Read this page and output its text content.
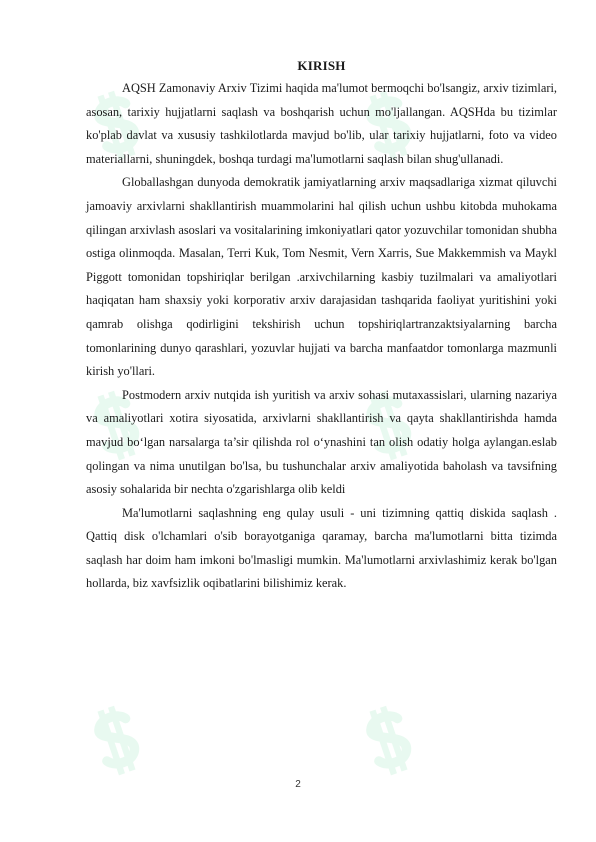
KIRISH

AQSH Zamonaviy Arxiv Tizimi haqida ma'lumot bermoqchi bo'lsangiz, arxiv tizimlari, asosan, tarixiy hujjatlarni saqlash va boshqarish uchun mo'ljallangan. AQSHda bu tizimlar ko'plab davlat va xususiy tashkilotlarda mavjud bo'lib, ular tarixiy hujjatlarni, foto va video materiallarni, shuningdek, boshqa turdagi ma'lumotlarni saqlash bilan shug'ullanadi.

Globallashgan dunyoda demokratik jamiyatlarning arxiv maqsadlariga xizmat qiluvchi jamoaviy arxivlarni shakllantirish muammolarini hal qilish uchun ushbu kitobda muhokama qilingan arxivlash asoslari va vositalarining imkoniyatlari qator yozuvchilar tomonidan shubha ostiga olinmoqda. Masalan, Terri Kuk, Tom Nesmit, Vern Xarris, Sue Makkemmish va Maykl Piggott tomonidan topshiriqlar berilgan .arxivchilarning kasbiy tuzilmalari va amaliyotlari haqiqatan ham shaxsiy yoki korporativ arxiv darajasidan tashqarida faoliyat yuritishini yoki qamrab olishga qodirligini tekshirish uchun topshiriqlartranzaktsiyalarning barcha tomonlarining dunyo qarashlari, yozuvlar hujjati va barcha manfaatdor tomonlarga mazmunli kirish yo'llari.

Postmodern arxiv nutqida ish yuritish va arxiv sohasi mutaxassislari, ularning nazariya va amaliyotlari xotira siyosatida, arxivlarni shakllantirish va qayta shakllantirishda hamda mavjud bo‘lgan narsalarga ta’sir qilishda rol o‘ynashini tan olish odatiy holga aylangan.eslab qolingan va nima unutilgan bo'lsa, bu tushunchalar arxiv amaliyotida baholash va tavsifning asosiy sohalarida bir nechta o'zgarishlarga olib keldi

Ma'lumotlarni saqlashning eng qulay usuli - uni tizimning qattiq diskida saqlash . Qattiq disk o'lchamlari o'sib borayotganiga qaramay, barcha ma'lumotlarni bitta tizimda saqlash har doim ham imkoni bo'lmasligi mumkin. Ma'lumotlarni arxivlashimiz kerak bo'lgan hollarda, biz xavfsizlik oqibatlarini bilishimiz kerak.

2
